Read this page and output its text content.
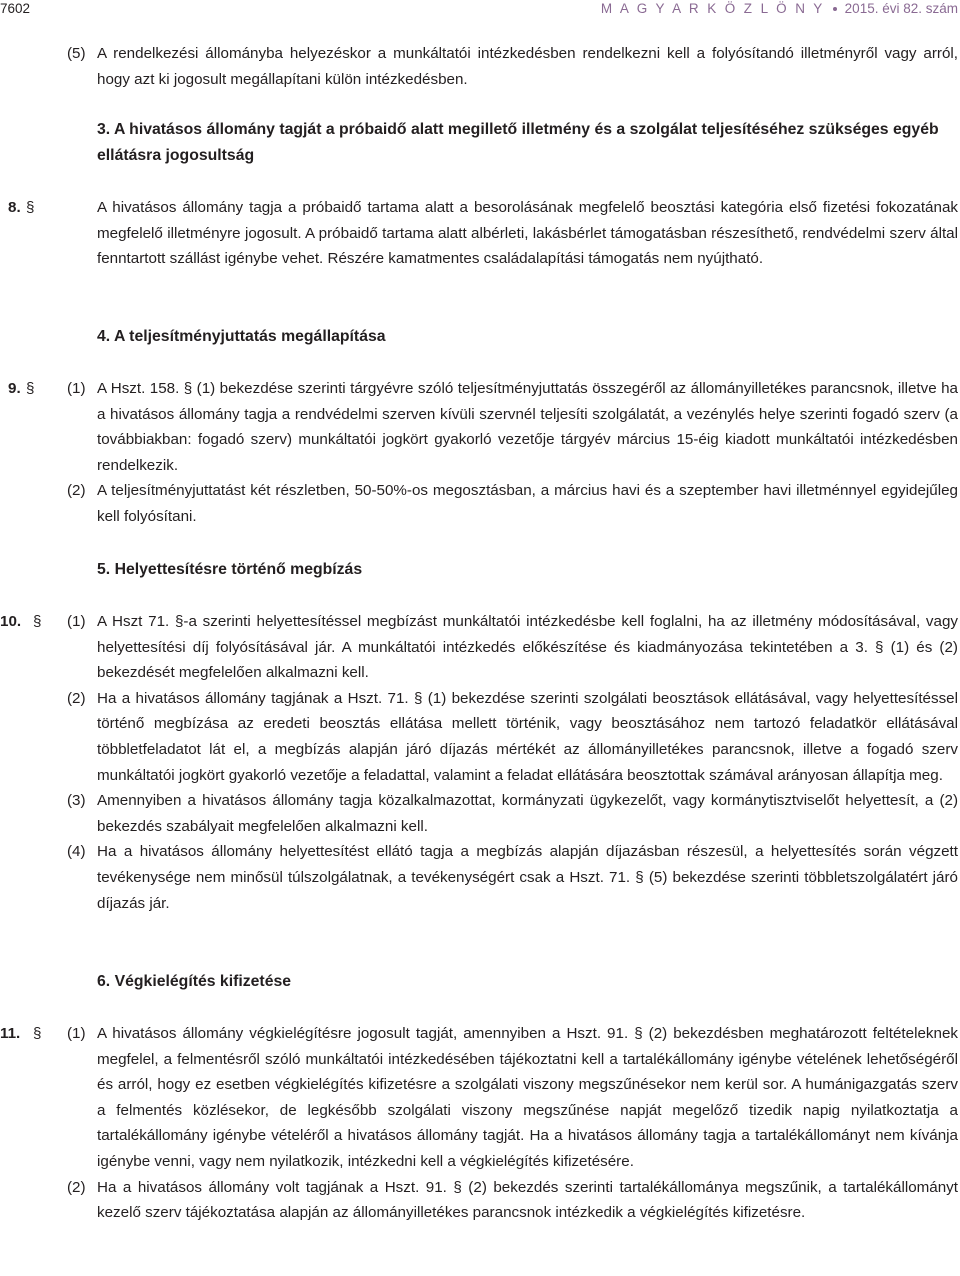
7602	M A G Y A R K Ö Z L Ö N Y 2015. évi 82. szám
(5) A rendelkezési állományba helyezéskor a munkáltatói intézkedésben rendelkezni kell a folyósítandó illetményről vagy arról, hogy azt ki jogosult megállapítani külön intézkedésben.
3. A hivatásos állomány tagját a próbaidő alatt megillető illetmény és a szolgálat teljesítéséhez szükséges egyéb ellátásra jogosultság
8. §	A hivatásos állomány tagja a próbaidő tartama alatt a besorolásának megfelelő beosztási kategória első fizetési fokozatának megfelelő illetményre jogosult. A próbaidő tartama alatt albérleti, lakásbérlet támogatásban részesíthető, rendvédelmi szerv által fenntartott szállást igénybe vehet. Részére kamatmentes családalapítási támogatás nem nyújtható.
4. A teljesítményjuttatás megállapítása
9. § (1) A Hszt. 158. § (1) bekezdése szerinti tárgyévre szóló teljesítményjuttatás összegéről az állományilletékes parancsnok, illetve ha a hivatásos állomány tagja a rendvédelmi szerven kívüli szervnél teljesíti szolgálatát, a vezénylés helye szerinti fogadó szerv (a továbbiakban: fogadó szerv) munkáltatói jogkört gyakorló vezetője tárgyév március 15-éig kiadott munkáltatói intézkedésben rendelkezik.
(2) A teljesítményjuttatást két részletben, 50-50%-os megosztásban, a március havi és a szeptember havi illetménnyel egyidejűleg kell folyósítani.
5. Helyettesítésre történő megbízás
10. § (1) A Hszt 71. §-a szerinti helyettesítéssel megbízást munkáltatói intézkedésbe kell foglalni, ha az illetmény módosításával, vagy helyettesítési díj folyósításával jár. A munkáltatói intézkedés előkészítése és kiadmányozása tekintetében a 3. § (1) és (2) bekezdését megfelelően alkalmazni kell.
(2) Ha a hivatásos állomány tagjának a Hszt. 71. § (1) bekezdése szerinti szolgálati beosztások ellátásával, vagy helyettesítéssel történő megbízása az eredeti beosztás ellátása mellett történik, vagy beosztásához nem tartozó feladatkör ellátásával többletfeladatot lát el, a megbízás alapján járó díjazás mértékét az állományilletékes parancsnok, illetve a fogadó szerv munkáltatói jogkört gyakorló vezetője a feladattal, valamint a feladat ellátására beosztottak számával arányosan állapítja meg.
(3) Amennyiben a hivatásos állomány tagja közalkalmazottat, kormányzati ügykezelőt, vagy kormánytisztviselőt helyettesít, a (2) bekezdés szabályait megfelelően alkalmazni kell.
(4) Ha a hivatásos állomány helyettesítést ellátó tagja a megbízás alapján díjazásban részesül, a helyettesítés során végzett tevékenysége nem minősül túlszolgálatnak, a tevékenységért csak a Hszt. 71. § (5) bekezdése szerinti többletszolgálatért járó díjazás jár.
6. Végkielégítés kifizetése
11. § (1) A hivatásos állomány végkielégítésre jogosult tagját, amennyiben a Hszt. 91. § (2) bekezdésben meghatározott feltételeknek megfelel, a felmentésről szóló munkáltatói intézkedésében tájékoztatni kell a tartalékállomány igénybe vételének lehetőségéről és arról, hogy ez esetben végkielégítés kifizetésre a szolgálati viszony megszűnésekor nem kerül sor. A humánigazgatás szerv a felmentés közlésekor, de legkésőbb szolgálati viszony megszűnése napját megelőző tizedik napig nyilatkoztatja a tartalékállomány igénybe vételéről a hivatásos állomány tagját. Ha a hivatásos állomány tagja a tartalékállományt nem kívánja igénybe venni, vagy nem nyilatkozik, intézkedni kell a végkielégítés kifizetésére.
(2) Ha a hivatásos állomány volt tagjának a Hszt. 91. § (2) bekezdés szerinti tartalékállománya megszűnik, a tartalékállományt kezelő szerv tájékoztatása alapján az állományilletékes parancsnok intézkedik a végkielégítés kifizetésre.
